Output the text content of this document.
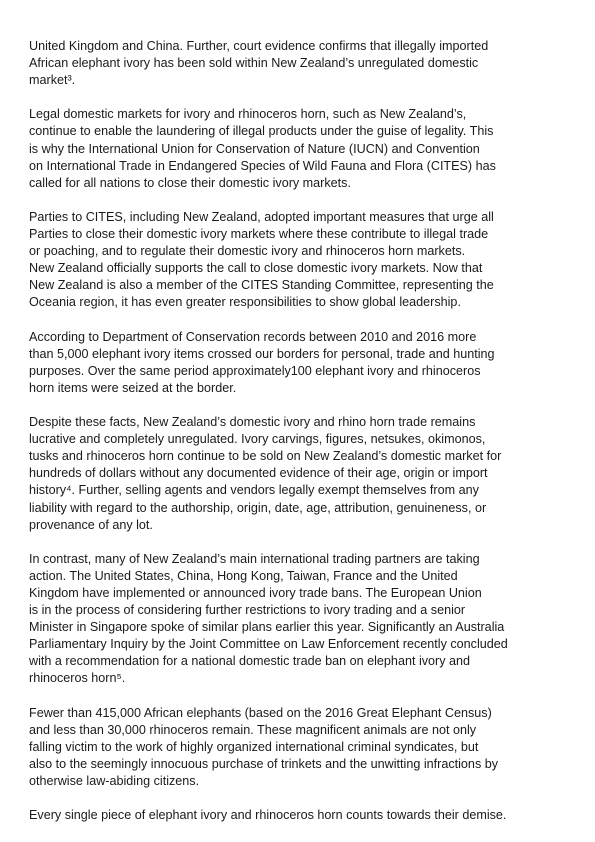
United Kingdom and China. Further, court evidence confirms that illegally imported
African elephant ivory has been sold within New Zealand’s unregulated domestic
market³.

Legal domestic markets for ivory and rhinoceros horn, such as New Zealand’s,
continue to enable the laundering of illegal products under the guise of legality. This
is why the International Union for Conservation of Nature (IUCN) and Convention
on International Trade in Endangered Species of Wild Fauna and Flora (CITES) has
called for all nations to close their domestic ivory markets.

Parties to CITES, including New Zealand, adopted important measures that urge all
Parties to close their domestic ivory markets where these contribute to illegal trade
or poaching, and to regulate their domestic ivory and rhinoceros horn markets.
New Zealand officially supports the call to close domestic ivory markets. Now that
New Zealand is also a member of the CITES Standing Committee, representing the
Oceania region, it has even greater responsibilities to show global leadership.

According to Department of Conservation records between 2010 and 2016 more
than 5,000 elephant ivory items crossed our borders for personal, trade and hunting
purposes. Over the same period approximately100 elephant ivory and rhinoceros
horn items were seized at the border.

Despite these facts, New Zealand’s domestic ivory and rhino horn trade remains
lucrative and completely unregulated. Ivory carvings, figures, netsukes, okimonos,
tusks and rhinoceros horn continue to be sold on New Zealand’s domestic market for
hundreds of dollars without any documented evidence of their age, origin or import
history⁴. Further, selling agents and vendors legally exempt themselves from any
liability with regard to the authorship, origin, date, age, attribution, genuineness, or
provenance of any lot.

In contrast, many of New Zealand’s main international trading partners are taking
action. The United States, China, Hong Kong, Taiwan, France and the United
Kingdom have implemented or announced ivory trade bans. The European Union
is in the process of considering further restrictions to ivory trading and a senior
Minister in Singapore spoke of similar plans earlier this year. Significantly an Australia
Parliamentary Inquiry by the Joint Committee on Law Enforcement recently concluded
with a recommendation for a national domestic trade ban on elephant ivory and
rhinoceros horn⁵.

Fewer than 415,000 African elephants (based on the 2016 Great Elephant Census)
and less than 30,000 rhinoceros remain. These magnificent animals are not only
falling victim to the work of highly organized international criminal syndicates, but
also to the seemingly innocuous purchase of trinkets and the unwitting infractions by
otherwise law-abiding citizens.

Every single piece of elephant ivory and rhinoceros horn counts towards their demise.
